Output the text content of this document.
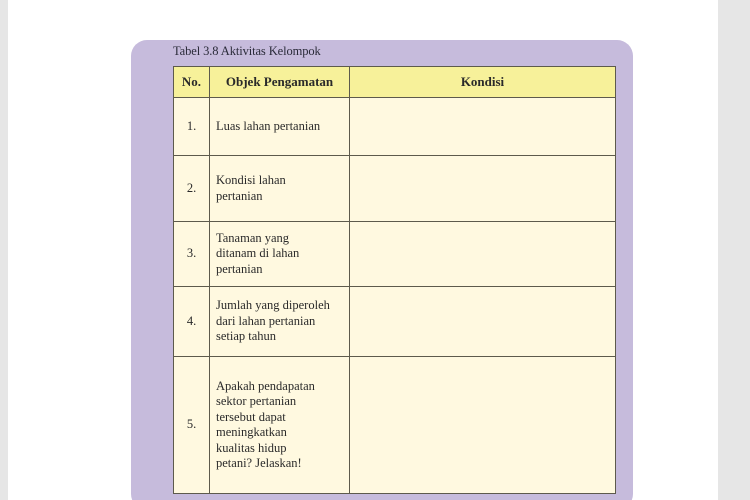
Tabel 3.8 Aktivitas Kelompok
No.	Objek Pengamatan	Kondisi
1.	Luas lahan pertanian	
2.	Kondisi lahan pertanian	
3.	Tanaman yang ditanam di lahan pertanian	
4.	Jumlah yang diperoleh dari lahan pertanian setiap tahun	
5.	Apakah pendapatan sektor pertanian tersebut dapat meningkatkan kualitas hidup petani? Jelaskan!	
